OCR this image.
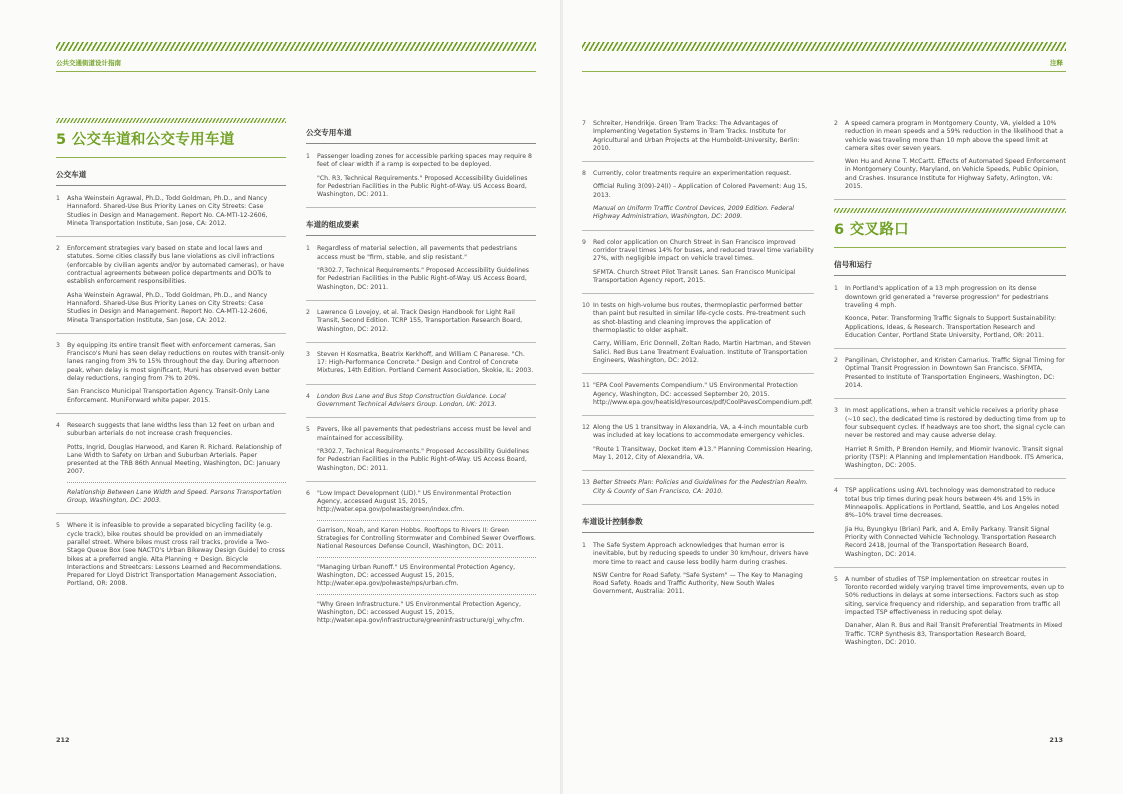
公共交通街道设计指南	注释
5 公交车道和公交专用车道
公交车道
1	Asha Weinstein Agrawal, Ph.D., Todd Goldman, Ph.D., and Nancy Hannaford. Shared-Use Bus Priority Lanes on City Streets: Case Studies in Design and Management. Report No. CA-MTI-12-2606, Mineta Transportation Institute, San Jose, CA: 2012.

2	Enforcement strategies vary based on state and local laws and statutes. Some cities classify bus lane violations as civil infractions (enforcable by civilian agents and/or by automated cameras), or have contractual agreements between police departments and DOTs to establish enforcement responsibilities.

Asha Weinstein Agrawal, Ph.D., Todd Goldman, Ph.D., and Nancy Hannaford. Shared-Use Bus Priority Lanes on City Streets: Case Studies in Design and Management. Report No. CA-MTI-12-2606, Mineta Transportation Institute, San Jose, CA: 2012.

3	By equipping its entire transit fleet with enforcement cameras, San Francisco's Muni has seen delay reductions on routes with transit-only lanes ranging from 3% to 15% throughout the day. During afternoon peak, when delay is most significant, Muni has observed even better delay reductions, ranging from 7% to 20%.

San Francisco Municipal Transportation Agency. Transit-Only Lane Enforcement. MuniForward white paper. 2015.

4	Research suggests that lane widths less than 12 feet on urban and suburban arterials do not increase crash frequencies.

Potts, Ingrid, Douglas Harwood, and Karen R. Richard. Relationship of Lane Width to Safety on Urban and Suburban Arterials. Paper presented at the TRB 86th Annual Meeting, Washington, DC: January 2007.

Relationship Between Lane Width and Speed. Parsons Transportation Group, Washington, DC: 2003.

5	Where it is infeasible to provide a separated bicycling facility (e.g. cycle track), bike routes should be provided on an immediately parallel street. Where bikes must cross rail tracks, provide a Two-Stage Queue Box (see NACTO's Urban Bikeway Design Guide) to cross bikes at a preferred angle. Alta Planning + Design. Bicycle Interactions and Streetcars: Lessons Learned and Recommendations. Prepared for Lloyd District Transportation Management Association, Portland, OR: 2008.

公交专用车道
1	Passenger loading zones for accessible parking spaces may require 8 feet of clear width if a ramp is expected to be deployed.

"Ch. R3, Technical Requirements." Proposed Accessibility Guidelines for Pedestrian Facilities in the Public Right-of-Way. US Access Board, Washington, DC: 2011.

车道的组成要素
1	Regardless of material selection, all pavements that pedestrians access must be "firm, stable, and slip resistant."

"R302.7, Technical Requirements." Proposed Accessibility Guidelines for Pedestrian Facilities in the Public Right-of-Way. US Access Board, Washington, DC: 2011.

2	Lawrence G Lovejoy, et al. Track Design Handbook for Light Rail Transit, Second Edition. TCRP 155, Transportation Research Board, Washington, DC: 2012.

3	Steven H Kosmatka, Beatrix Kerkhoff, and William C Panarese. "Ch. 17: High-Performance Concrete." Design and Control of Concrete Mixtures, 14th Edition. Portland Cement Association, Skokie, IL: 2003.

4	London Bus Lane and Bus Stop Construction Guidance. Local Government Technical Advisers Group. London, UK: 2013.

5	Pavers, like all pavements that pedestrians access must be level and maintained for accessibility.

"R302.7, Technical Requirements." Proposed Accessibility Guidelines for Pedestrian Facilities in the Public Right-of-Way. US Access Board, Washington, DC: 2011.

6	"Low Impact Development (LID)." US Environmental Protection Agency, accessed August 15, 2015, http://water.epa.gov/polwaste/green/index.cfm.

Garrison, Noah, and Karen Hobbs. Rooftops to Rivers II: Green Strategies for Controlling Stormwater and Combined Sewer Overflows. National Resources Defense Council, Washington, DC: 2011.

"Managing Urban Runoff." US Environmental Protection Agency, Washington, DC: accessed August 15, 2015, http://water.epa.gov/polwaste/nps/urban.cfm.

"Why Green Infrastructure." US Environmental Protection Agency, Washington, DC: accessed August 15, 2015, http://water.epa.gov/infrastructure/greeninfrastructure/gi_why.cfm.

7	Schreiter, Hendrikje. Green Tram Tracks: The Advantages of Implementing Vegetation Systems in Tram Tracks. Institute for Agricultural and Urban Projects at the Humboldt-University, Berlin: 2010.

8	Currently, color treatments require an experimentation request.

Official Ruling 3(09)-24(I) – Application of Colored Pavement: Aug 15, 2013.

Manual on Uniform Traffic Control Devices, 2009 Edition. Federal Highway Administration, Washington, DC: 2009.

9	Red color application on Church Street in San Francisco improved corridor travel times 14% for buses, and reduced travel time variability 27%, with negligible impact on vehicle travel times.

SFMTA. Church Street Pilot Transit Lanes. San Francisco Municipal Transportation Agency report, 2015.

10 In tests on high-volume bus routes, thermoplastic performed better than paint but resulted in similar life-cycle costs. Pre-treatment such as shot-blasting and cleaning improves the application of thermoplastic to older asphalt.

Carry, William, Eric Donnell, Zoltan Rado, Martin Hartman, and Steven Salici. Red Bus Lane Treatment Evaluation. Institute of Transportation Engineers, Washington, DC: 2012.

11 "EPA Cool Pavements Compendium." US Environmental Protection Agency, Washington, DC: accessed September 20, 2015. http://www.epa.gov/heatisld/resources/pdf/CoolPavesCompendium.pdf.

12 Along the US 1 transitway in Alexandria, VA, a 4-inch mountable curb was included at key locations to accommodate emergency vehicles.

"Route 1 Transitway, Docket Item #13." Planning Commission Hearing, May 1, 2012, City of Alexandria, VA.

13 Better Streets Plan: Policies and Guidelines for the Pedestrian Realm. City & County of San Francisco, CA: 2010.

车道设计控制参数
1	The Safe System Approach acknowledges that human error is inevitable, but by reducing speeds to under 30 km/hour, drivers have more time to react and cause less bodily harm during crashes.

NSW Centre for Road Safety. "Safe System" — The Key to Managing Road Safety. Roads and Traffic Authority, New South Wales Government, Australia: 2011.

2	A speed camera program in Montgomery County, VA, yielded a 10% reduction in mean speeds and a 59% reduction in the likelihood that a vehicle was traveling more than 10 mph above the speed limit at camera sites over seven years.

Wen Hu and Anne T. McCartt. Effects of Automated Speed Enforcement in Montgomery County, Maryland, on Vehicle Speeds, Public Opinion, and Crashes. Insurance Institute for Highway Safety, Arlington, VA: 2015.

6 交叉路口
信号和运行
1	In Portland's application of a 13 mph progression on its dense downtown grid generated a "reverse progression" for pedestrians traveling 4 mph.

Koonce, Peter. Transforming Traffic Signals to Support Sustainability: Applications, Ideas, & Research. Transportation Research and Education Center, Portland State University, Portland, OR: 2011.

2	Pangilinan, Christopher, and Kristen Carnarius. Traffic Signal Timing for Optimal Transit Progression in Downtown San Francisco. SFMTA, Presented to Institute of Transportation Engineers, Washington, DC: 2014.

3	In most applications, when a transit vehicle receives a priority phase (~10 sec), the dedicated time is restored by deducting time from up to four subsequent cycles. If headways are too short, the signal cycle can never be restored and may cause adverse delay.

Harriet R Smith, P Brendon Hemily, and Miomir Ivanovic. Transit signal priority (TSP): A Planning and Implementation Handbook. ITS America, Washington, DC: 2005.

4	TSP applications using AVL technology was demonstrated to reduce total bus trip times during peak hours between 4% and 15% in Minneapolis. Applications in Portland, Seattle, and Los Angeles noted 8%–10% travel time decreases.

Jia Hu, Byungkyu (Brian) Park, and A. Emily Parkany. Transit Signal Priority with Connected Vehicle Technology. Transportation Research Record 2418, Journal of the Transportation Research Board, Washington, DC: 2014.

5	A number of studies of TSP implementation on streetcar routes in Toronto recorded widely varying travel time improvements, even up to 50% reductions in delays at some intersections. Factors such as stop siting, service frequency and ridership, and separation from traffic all impacted TSP effectiveness in reducing spot delay.

Danaher, Alan R. Bus and Rail Transit Preferential Treatments in Mixed Traffic. TCRP Synthesis 83, Transportation Research Board, Washington, DC: 2010.

212	213
